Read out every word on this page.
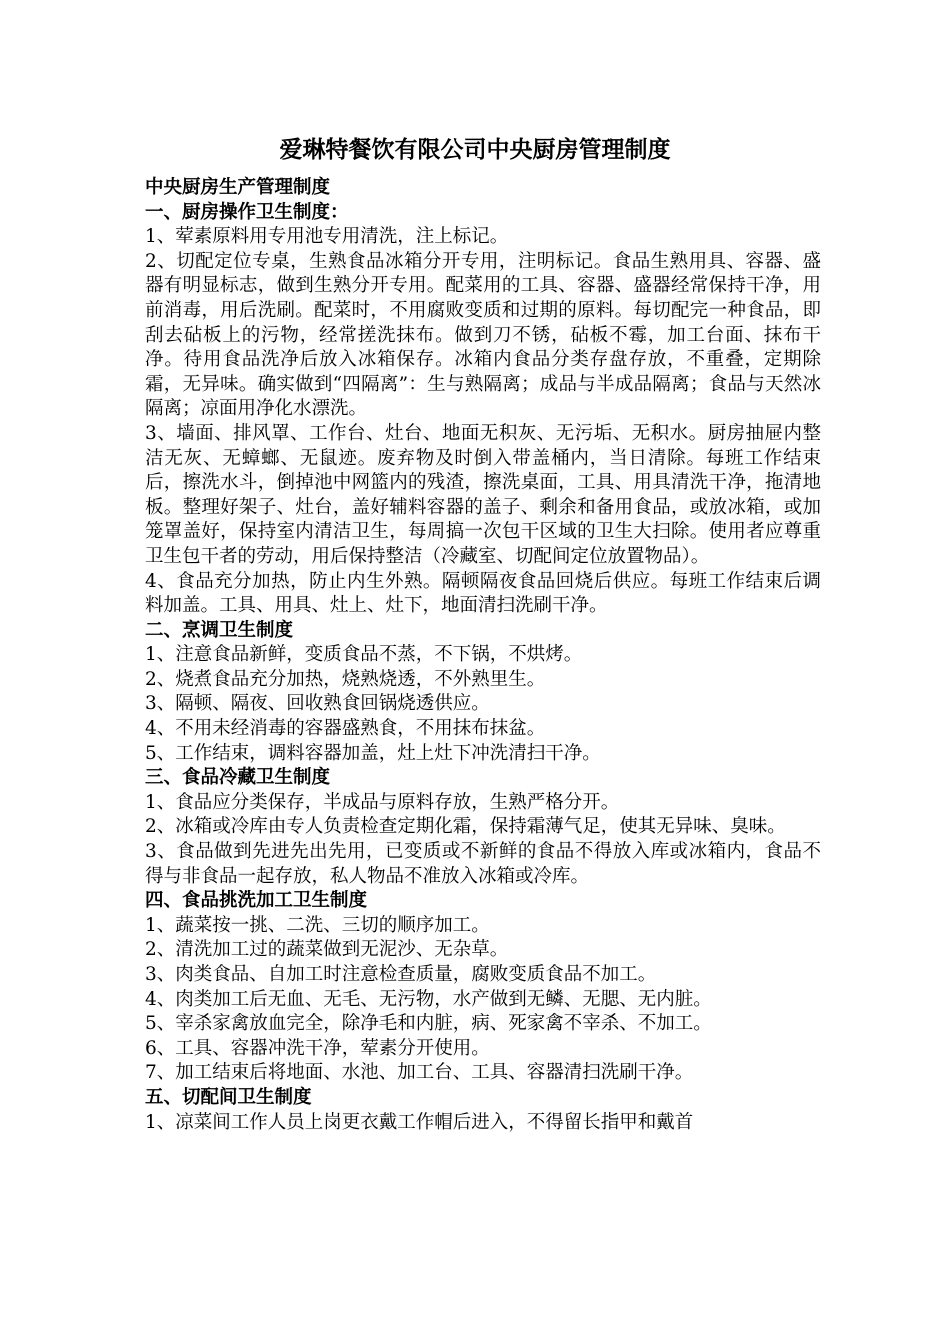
爱琳特餐饮有限公司中央厨房管理制度

中央厨房生产管理制度

一、厨房操作卫生制度：

1、荤素原料用专用池专用清洗，注上标记。

2、切配定位专桌，生熟食品冰箱分开专用，注明标记。食品生熟用具、容器、盛器有明显标志，做到生熟分开专用。配菜用的工具、容器、盛器经常保持干净，用前消毒，用后洗刷。配菜时，不用腐败变质和过期的原料。每切配完一种食品，即刮去砧板上的污物，经常搓洗抹布。做到刀不锈，砧板不霉，加工台面、抹布干净。待用食品洗净后放入冰箱保存。冰箱内食品分类存盘存放，不重叠，定期除霜，无异味。确实做到“四隔离”：生与熟隔离；成品与半成品隔离；食品与天然冰隔离；凉面用净化水漂洗。

3、墙面、排风罩、工作台、灶台、地面无积灰、无污垢、无积水。厨房抽屉内整洁无灰、无蟑螂、无鼠迹。废弃物及时倒入带盖桶内，当日清除。每班工作结束后，擦洗水斗，倒掉池中网篮内的残渣，擦洗桌面，工具、用具清洗干净，拖清地板。整理好架子、灶台，盖好辅料容器的盖子、剩余和备用食品，或放冰箱，或加笼罩盖好，保持室内清洁卫生，每周搞一次包干区域的卫生大扫除。使用者应尊重卫生包干者的劳动，用后保持整洁（冷藏室、切配间定位放置物品）。

4、食品充分加热，防止内生外熟。隔顿隔夜食品回烧后供应。每班工作结束后调料加盖。工具、用具、灶上、灶下，地面清扫洗刷干净。

二、烹调卫生制度

1、注意食品新鲜，变质食品不蒸，不下锅，不烘烤。

2、烧煮食品充分加热，烧熟烧透，不外熟里生。

3、隔顿、隔夜、回收熟食回锅烧透供应。

4、不用未经消毒的容器盛熟食，不用抹布抹盆。

5、工作结束，调料容器加盖，灶上灶下冲洗清扫干净。

三、食品冷藏卫生制度

1、食品应分类保存，半成品与原料存放，生熟严格分开。

2、冰箱或冷库由专人负责检查定期化霜，保持霜薄气足，使其无异味、臭味。

3、食品做到先进先出先用，已变质或不新鲜的食品不得放入库或冰箱内，食品不得与非食品一起存放，私人物品不准放入冰箱或冷库。

四、食品挑洗加工卫生制度

1、蔬菜按一挑、二洗、三切的顺序加工。

2、清洗加工过的蔬菜做到无泥沙、无杂草。

3、肉类食品、自加工时注意检查质量，腐败变质食品不加工。

4、肉类加工后无血、无毛、无污物，水产做到无鳞、无腮、无内脏。

5、宰杀家禽放血完全，除净毛和内脏，病、死家禽不宰杀、不加工。

6、工具、容器冲洗干净，荤素分开使用。

7、加工结束后将地面、水池、加工台、工具、容器清扫洗刷干净。

五、切配间卫生制度

1、凉菜间工作人员上岗更衣戴工作帽后进入，不得留长指甲和戴首
